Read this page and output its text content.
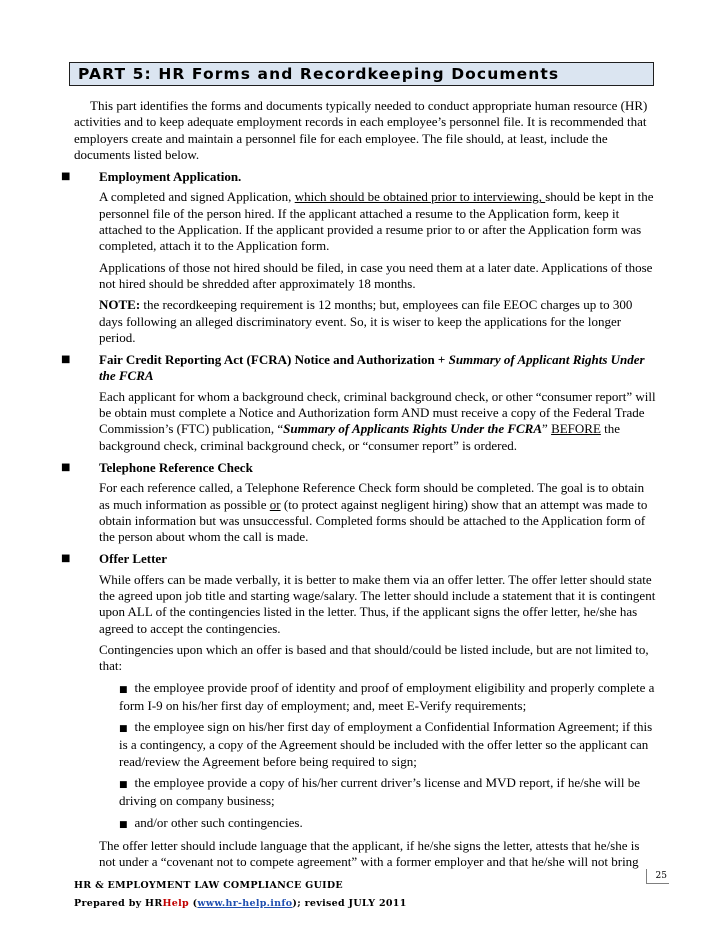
PART 5: HR Forms and Recordkeeping Documents

This part identifies the forms and documents typically needed to conduct appropriate human resource (HR) activities and to keep adequate employment records in each employee’s personnel file. It is recommended that employers create and maintain a personnel file for each employee. The file should, at least, include the documents listed below.

■ Employment Application.

A completed and signed Application, which should be obtained prior to interviewing, should be kept in the personnel file of the person hired. If the applicant attached a resume to the Application form, keep it attached to the Application. If the applicant provided a resume prior to or after the Application form was completed, attach it to the Application form.

Applications of those not hired should be filed, in case you need them at a later date. Applications of those not hired should be shredded after approximately 18 months.

NOTE: the recordkeeping requirement is 12 months; but, employees can file EEOC charges up to 300 days following an alleged discriminatory event. So, it is wiser to keep the applications for the longer period.

■ Fair Credit Reporting Act (FCRA) Notice and Authorization + Summary of Applicant Rights Under the FCRA

Each applicant for whom a background check, criminal background check, or other “consumer report” will be obtain must complete a Notice and Authorization form AND must receive a copy of the Federal Trade Commission’s (FTC) publication, “Summary of Applicants Rights Under the FCRA” BEFORE the background check, criminal background check, or “consumer report” is ordered.

■ Telephone Reference Check

For each reference called, a Telephone Reference Check form should be completed. The goal is to obtain as much information as possible or (to protect against negligent hiring) show that an attempt was made to obtain information but was unsuccessful. Completed forms should be attached to the Application form of the person about whom the call is made.

■ Offer Letter

While offers can be made verbally, it is better to make them via an offer letter. The offer letter should state the agreed upon job title and starting wage/salary. The letter should include a statement that it is contingent upon ALL of the contingencies listed in the letter. Thus, if the applicant signs the offer letter, he/she has agreed to accept the contingencies.

Contingencies upon which an offer is based and that should/could be listed include, but are not limited to, that:

■ the employee provide proof of identity and proof of employment eligibility and properly complete a form I-9 on his/her first day of employment; and, meet E-Verify requirements;
■ the employee sign on his/her first day of employment a Confidential Information Agreement; if this is a contingency, a copy of the Agreement should be included with the offer letter so the applicant can read/review the Agreement before being required to sign;
■ the employee provide a copy of his/her current driver’s license and MVD report, if he/she will be driving on company business;
■ and/or other such contingencies.

The offer letter should include language that the applicant, if he/she signs the letter, attests that he/she is not under a “covenant not to compete agreement” with a former employer and that he/she will not bring

25
HR & EMPLOYMENT LAW COMPLIANCE GUIDE
Prepared by HRHelp (www.hr-help.info); revised JULY 2011
